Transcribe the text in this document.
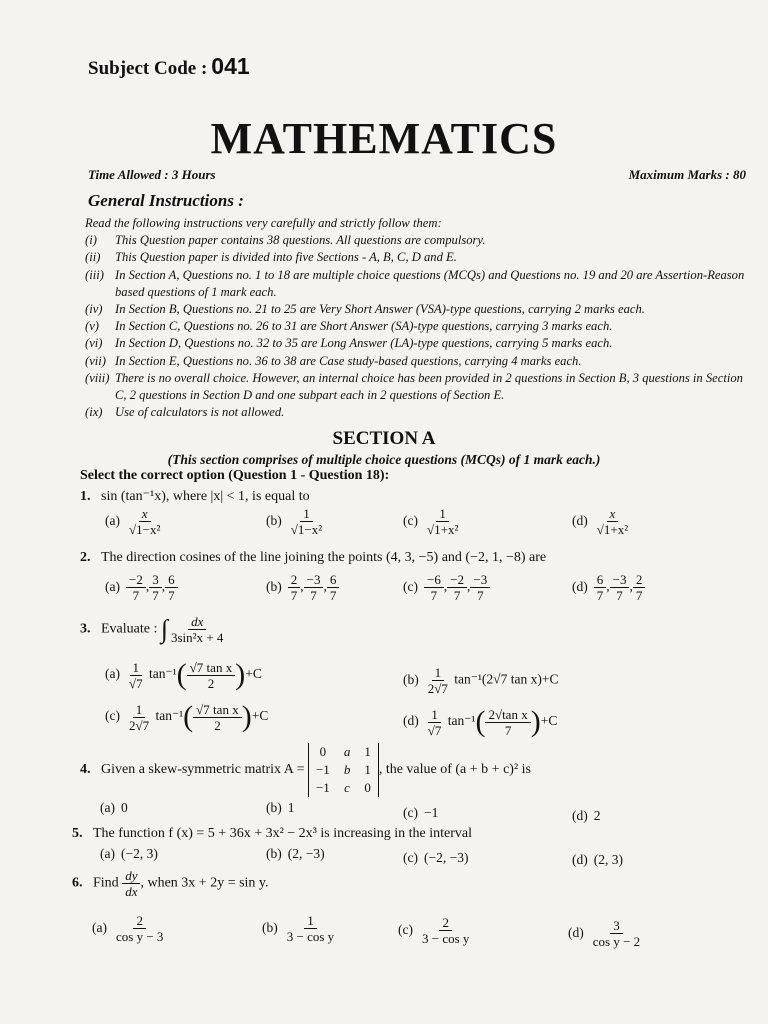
Subject Code : 041
MATHEMATICS
Time Allowed : 3 Hours	Maximum Marks : 80
General Instructions :
Read the following instructions very carefully and strictly follow them:
(i) This Question paper contains 38 questions. All questions are compulsory.
(ii) This Question paper is divided into five Sections - A, B, C, D and E.
(iii) In Section A, Questions no. 1 to 18 are multiple choice questions (MCQs) and Questions no. 19 and 20 are Assertion-Reason based questions of 1 mark each.
(iv) In Section B, Questions no. 21 to 25 are Very Short Answer (VSA)-type questions, carrying 2 marks each.
(v) In Section C, Questions no. 26 to 31 are Short Answer (SA)-type questions, carrying 3 marks each.
(vi) In Section D, Questions no. 32 to 35 are Long Answer (LA)-type questions, carrying 5 marks each.
(vii) In Section E, Questions no. 36 to 38 are Case study-based questions, carrying 4 marks each.
(viii) There is no overall choice. However, an internal choice has been provided in 2 questions in Section B, 3 questions in Section C, 2 questions in Section D and one subpart each in 2 questions of Section E.
(ix) Use of calculators is not allowed.
SECTION A
(This section comprises of multiple choice questions (MCQs) of 1 mark each.)
Select the correct option (Question 1 - Question 18):
1. sin (tan⁻¹x), where |x| < 1, is equal to
$(a) \frac{x}{\text{√1−x²}}$	$(b) \frac{1}{\text{√1−x²}}$	$(c) \frac{1}{\text{√1+x²}}$	$(d) \frac{x}{\text{√1+x²}}$
2. The direction cosines of the line joining the points (4, 3, −5) and (−2, 1, −8) are
$(a) \frac{-2}{7}$ , $\frac{3}{7}$ , $\frac{6}{7}$	$(b) \frac{2}{7}$ , $\frac{-3}{7}$ , $\frac{6}{7}$	$(c) \frac{-6}{7}$ , $\frac{-2}{7}$ , $\frac{-3}{7}$	$(d) \frac{6}{7}$ , $\frac{-3}{7}$ , $\frac{2}{7}$
3. Evaluate : ∫ $\frac{dx}{\text{3sin²x + 4}}$
$(a) \frac{1}{√7} \tan^{-1}( \frac{\text{√7 tan x}}{2} )+C$	$(b) \frac{1}{2√7} \tan^{-1}(2√7$ tan x)+C
$(c) \frac{1}{2√7} \tan^{-1}( \frac{\text{√7 tan x}}{2} )+C$	$(d) \frac{1}{√7} \tan^{-1}( \frac{\text{2√tan x}}{7} )+C$
4.
Given a skew-symmetric matrix A =

0	a	1
−1	b	1
−1	c	0
, the value of (a + b + c)² is
(a) 0	(b) 1	(c) −1	(d) 2
5. The function f (x) = 5 + 36x + 3x² − 2x³ is increasing in the interval
(a) (−2, 3)	(b) (2, −3)	(c) (−2, −3)	(d) (2, 3)
6. Find $\frac{dy}{dx}$ , when 3x + 2y = sin y.
$(a) \frac{2}{\text{cos y − 3}}$	$(b) \frac{1}{\text{3 − cos y}}$	$(c) \frac{2}{\text{3 − cos y}}$	$(d) \frac{3}{\text{cos y − 2}}$
